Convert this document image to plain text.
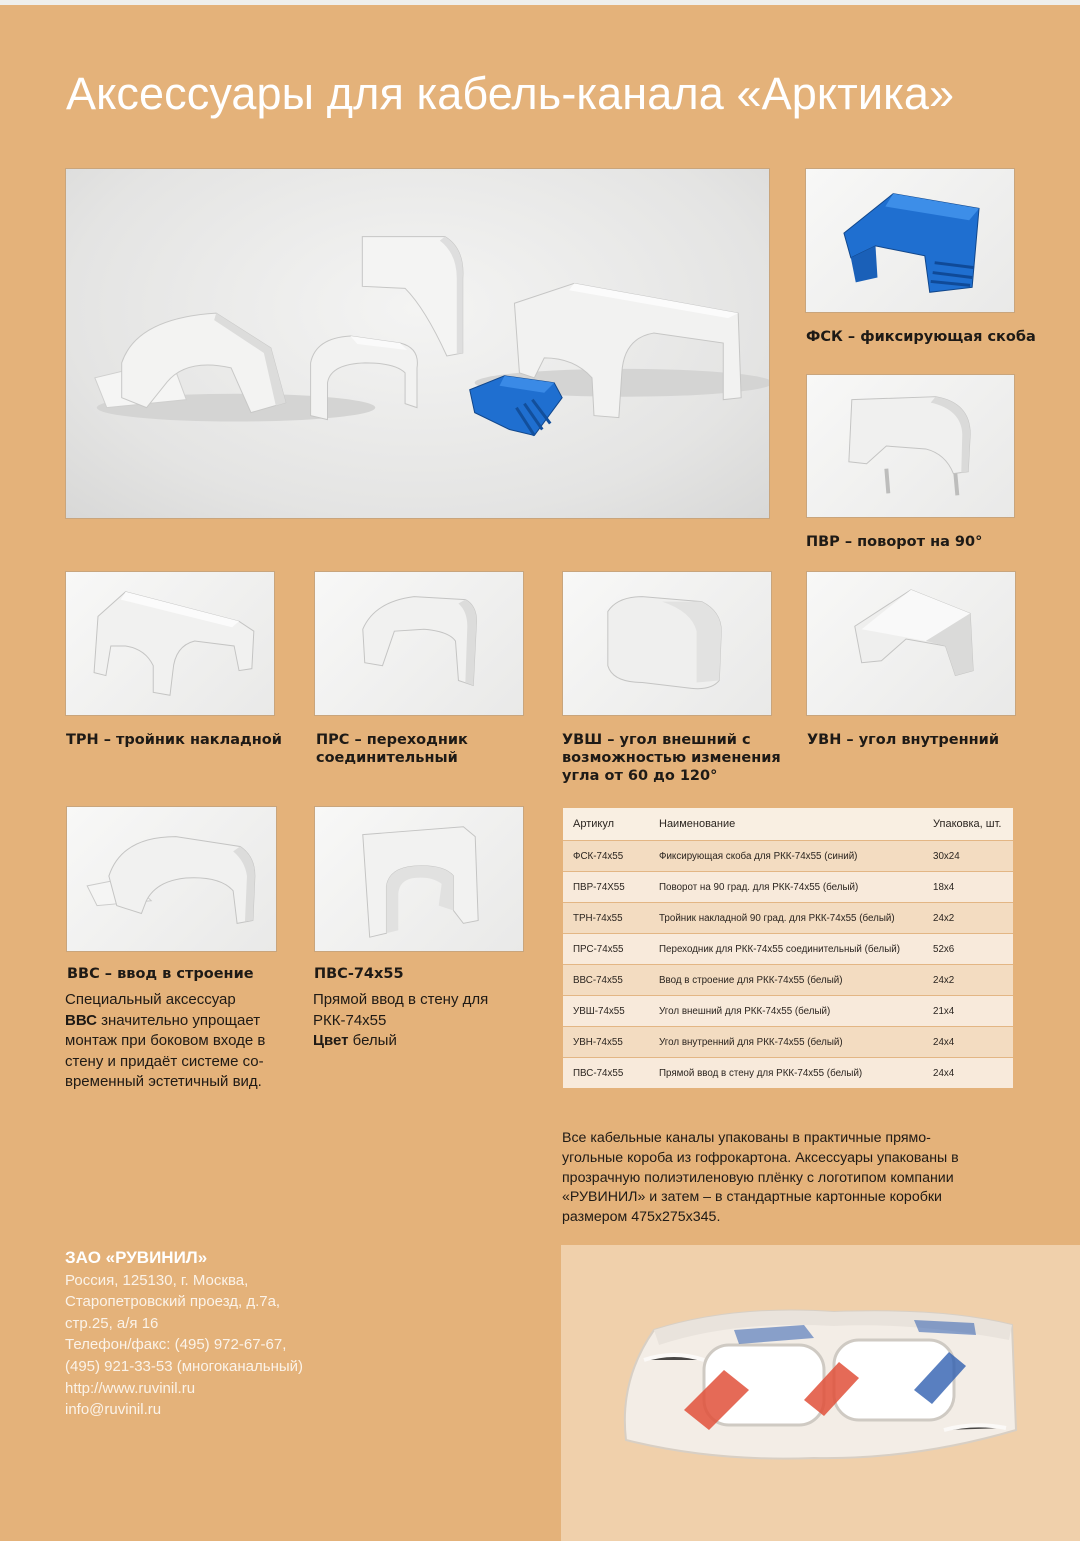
Аксессуары для кабель-канала «Арктика»

ФСК – фиксирующая скоба

ПВР – поворот на 90°

ТРН – тройник накладной ПРС – переходник
соединительный

УВШ – угол внешний с
возможностью изменения
угла от 60 до 120°

УВН – угол внутренний

ВВС – ввод в строение

Специальный аксессуар
ВВС значительно упрощает
монтаж при боковом входе в
стену и придаёт системе со-
временный эстетичный вид.

ПВС-74х55

Прямой ввод в стену для
РКК-74х55
Цвет белый

Артикул	Наименование	Упаковка, шт.
ФСК-74х55	Фиксирующая скоба для РКК-74х55 (синий)	30х24
ПВР-74Х55	Поворот на 90 град. для РКК-74х55 (белый)	18х4
ТРН-74х55	Тройник накладной 90 град. для РКК-74х55 (белый)	24х2
ПРС-74х55	Переходник для РКК-74х55 соединительный (белый)	52х6
ВВС-74х55	Ввод в строение для РКК-74х55 (белый)	24х2
УВШ-74х55	Угол внешний для РКК-74х55 (белый)	21х4
УВН-74х55	Угол внутренний для РКК-74х55 (белый)	24х4
ПВС-74х55	Прямой ввод в стену для РКК-74х55 (белый)	24х4

Все кабельные каналы упакованы в практичные прямо-
угольные короба из гофрокартона. Аксессуары упакованы в
прозрачную полиэтиленовую плёнку с логотипом компании
«РУВИНИЛ» и затем – в стандартные картонные коробки
размером 475х275х345.

ЗАО «РУВИНИЛ»
Россия, 125130, г. Москва,
Старопетровский проезд, д.7а,
стр.25, а/я 16
Телефон/факс: (495) 972-67-67,
(495) 921-33-53 (многоканальный)
http://www.ruvinil.ru
info@ruvinil.ru
